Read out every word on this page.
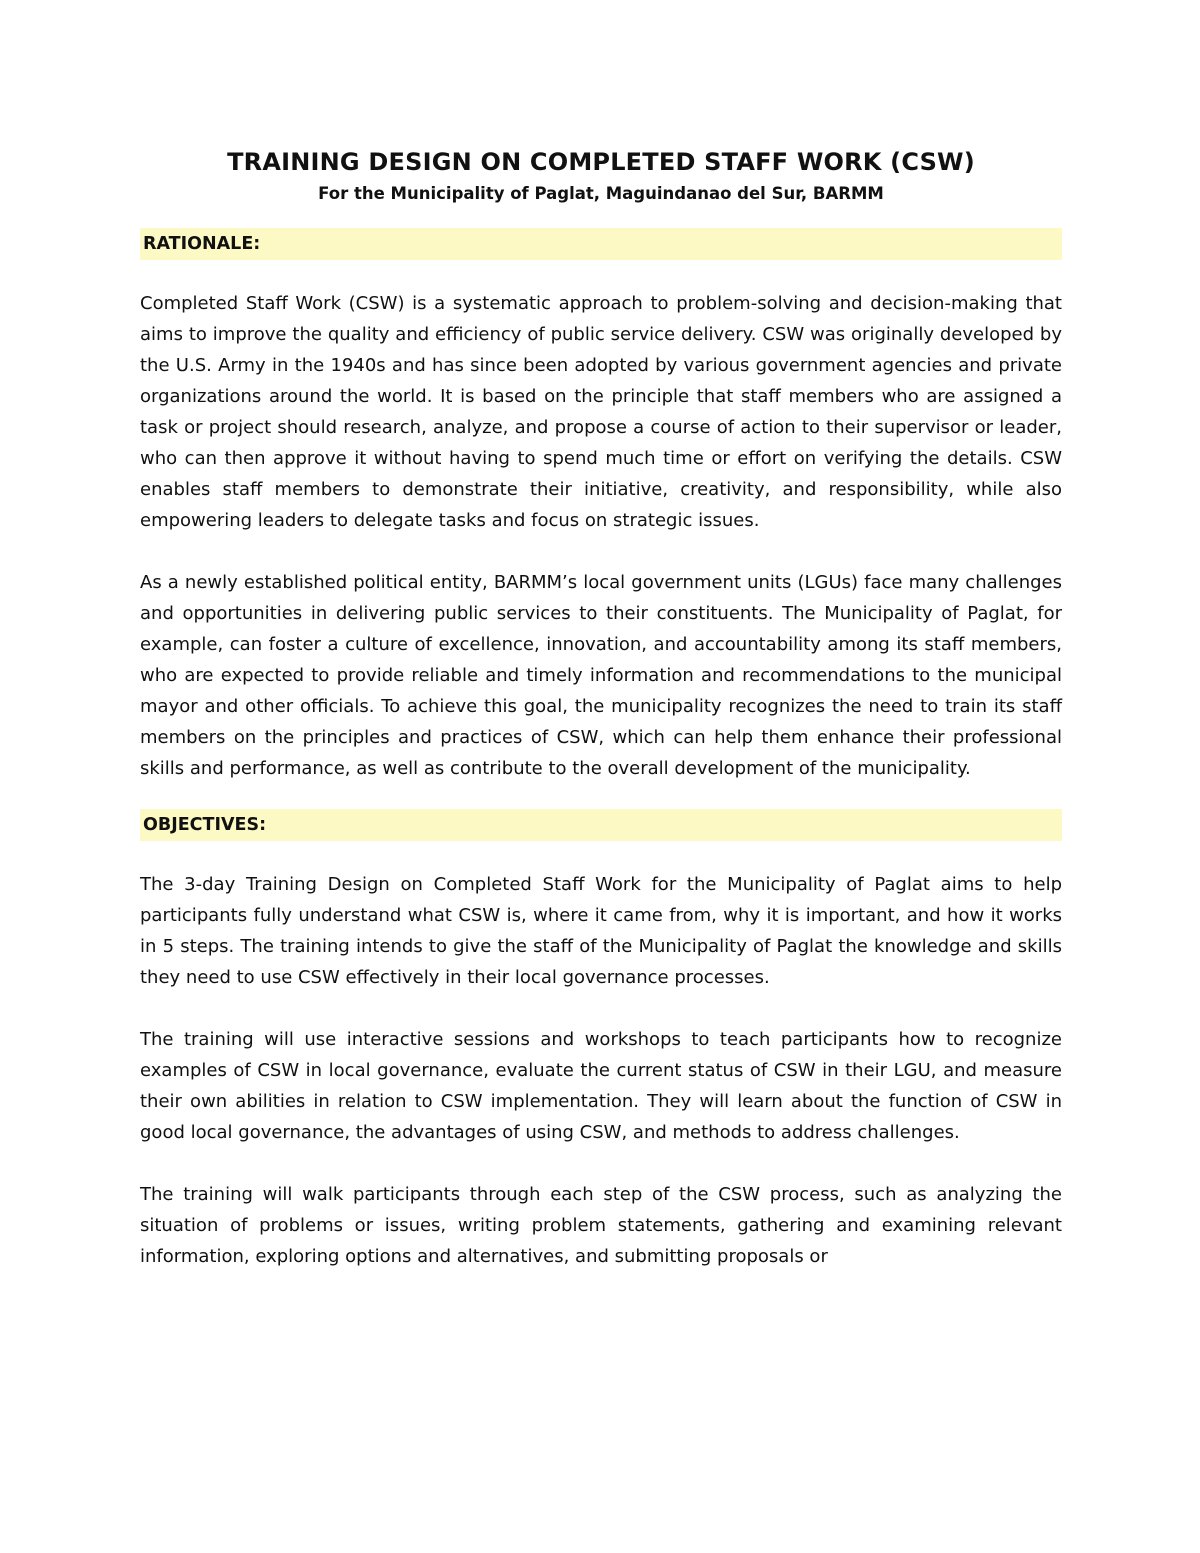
TRAINING DESIGN ON COMPLETED STAFF WORK (CSW)

For the Municipality of Paglat, Maguindanao del Sur, BARMM

RATIONALE:

Completed Staff Work (CSW) is a systematic approach to problem-solving and decision-making that aims to improve the quality and efficiency of public service delivery. CSW was originally developed by the U.S. Army in the 1940s and has since been adopted by various government agencies and private organizations around the world. It is based on the principle that staff members who are assigned a task or project should research, analyze, and propose a course of action to their supervisor or leader, who can then approve it without having to spend much time or effort on verifying the details. CSW enables staff members to demonstrate their initiative, creativity, and responsibility, while also empowering leaders to delegate tasks and focus on strategic issues.

As a newly established political entity, BARMM’s local government units (LGUs) face many challenges and opportunities in delivering public services to their constituents. The Municipality of Paglat, for example, can foster a culture of excellence, innovation, and accountability among its staff members, who are expected to provide reliable and timely information and recommendations to the municipal mayor and other officials. To achieve this goal, the municipality recognizes the need to train its staff members on the principles and practices of CSW, which can help them enhance their professional skills and performance, as well as contribute to the overall development of the municipality.

OBJECTIVES:

The 3-day Training Design on Completed Staff Work for the Municipality of Paglat aims to help participants fully understand what CSW is, where it came from, why it is important, and how it works in 5 steps. The training intends to give the staff of the Municipality of Paglat the knowledge and skills they need to use CSW effectively in their local governance processes.

The training will use interactive sessions and workshops to teach participants how to recognize examples of CSW in local governance, evaluate the current status of CSW in their LGU, and measure their own abilities in relation to CSW implementation. They will learn about the function of CSW in good local governance, the advantages of using CSW, and methods to address challenges.

The training will walk participants through each step of the CSW process, such as analyzing the situation of problems or issues, writing problem statements, gathering and examining relevant information, exploring options and alternatives, and submitting proposals or
